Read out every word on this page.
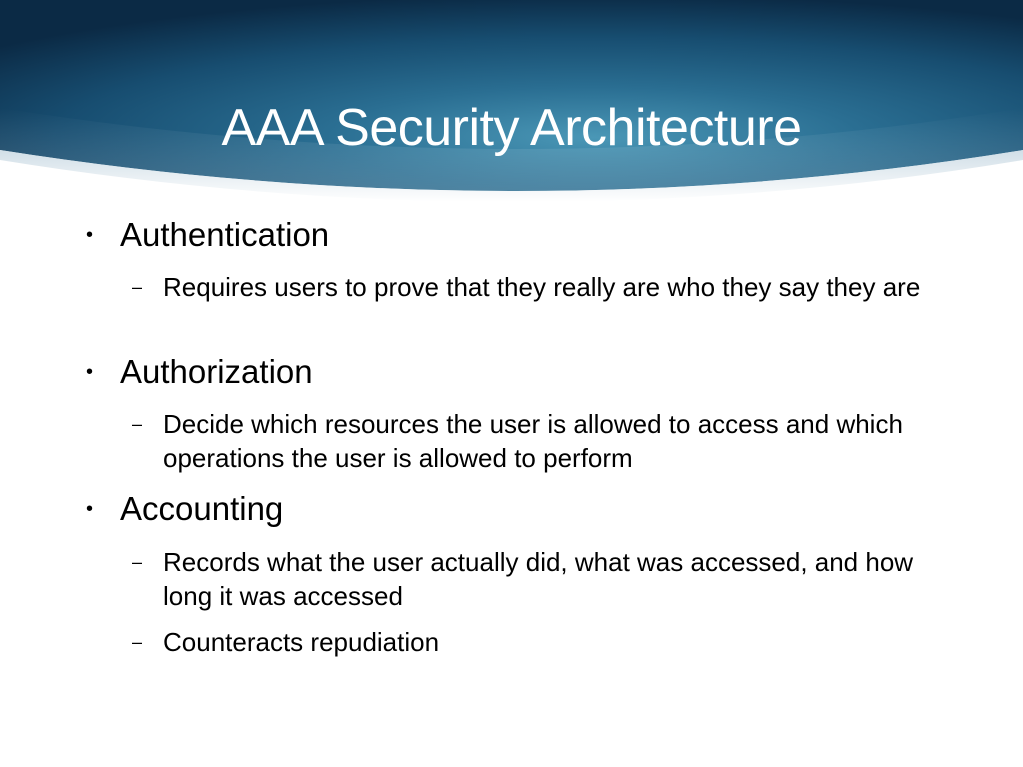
AAA Security Architecture
• Authentication
– Requires users to prove that they really are who they say they are
• Authorization
– Decide which resources the user is allowed to access and which operations the user is allowed to perform
• Accounting
– Records what the user actually did, what was accessed, and how long it was accessed
– Counteracts repudiation
